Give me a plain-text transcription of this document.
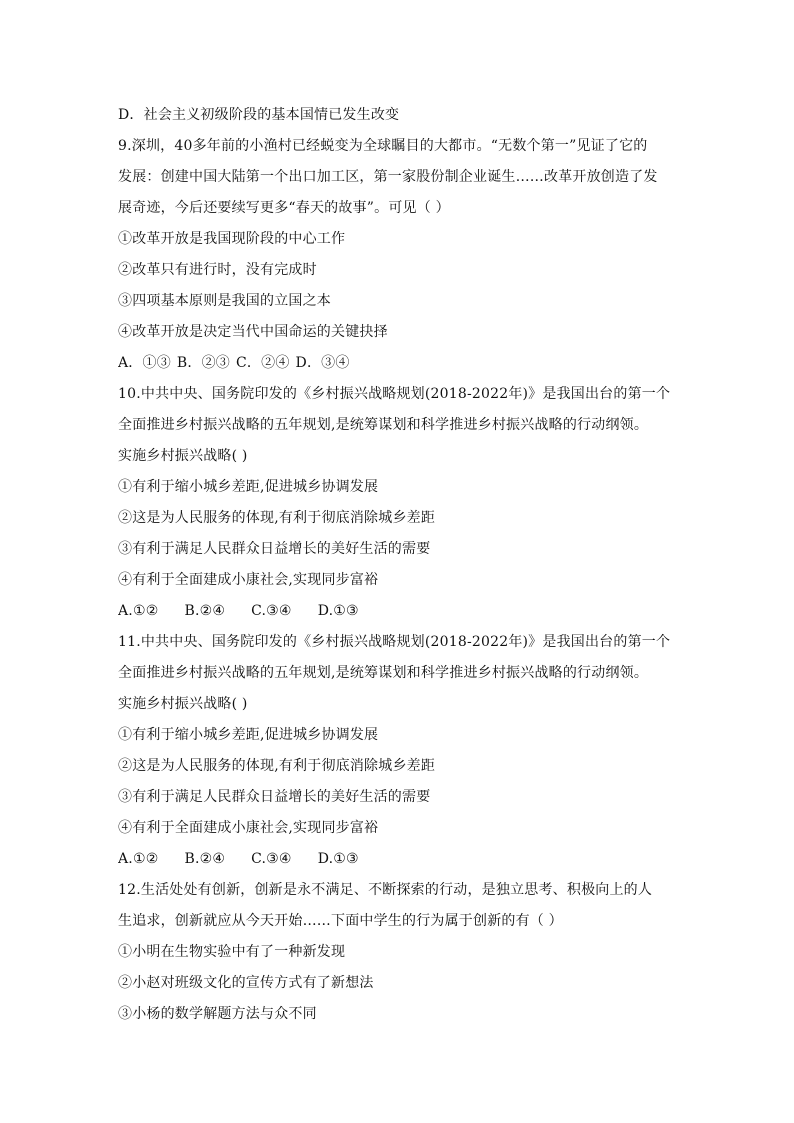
D．社会主义初级阶段的基本国情已发生改变
9.深圳，40多年前的小渔村已经蜕变为全球瞩目的大都市。“无数个第一”见证了它的
发展：创建中国大陆第一个出口加工区，第一家股份制企业诞生……改革开放创造了发
展奇迹，今后还要续写更多“春天的故事”。可见（ ）
①改革开放是我国现阶段的中心工作
②改革只有进行时，没有完成时
③四项基本原则是我国的立国之本
④改革开放是决定当代中国命运的关键抉择
A．①③ B．②③ C．②④ D．③④
10.中共中央、国务院印发的《乡村振兴战略规划(2018-2022年)》是我国出台的第一个
全面推进乡村振兴战略的五年规划,是统筹谋划和科学推进乡村振兴战略的行动纲领。
实施乡村振兴战略( )
①有利于缩小城乡差距,促进城乡协调发展
②这是为人民服务的体现,有利于彻底消除城乡差距
③有利于满足人民群众日益增长的美好生活的需要
④有利于全面建成小康社会,实现同步富裕
A.①② B.②④ C.③④ D.①③
11.中共中央、国务院印发的《乡村振兴战略规划(2018-2022年)》是我国出台的第一个
全面推进乡村振兴战略的五年规划,是统筹谋划和科学推进乡村振兴战略的行动纲领。
实施乡村振兴战略( )
①有利于缩小城乡差距,促进城乡协调发展
②这是为人民服务的体现,有利于彻底消除城乡差距
③有利于满足人民群众日益增长的美好生活的需要
④有利于全面建成小康社会,实现同步富裕
A.①② B.②④ C.③④ D.①③
12.生活处处有创新，创新是永不满足、不断探索的行动，是独立思考、积极向上的人
生追求，创新就应从今天开始……下面中学生的行为属于创新的有（ ）
①小明在生物实验中有了一种新发现
②小赵对班级文化的宣传方式有了新想法
③小杨的数学解题方法与众不同
